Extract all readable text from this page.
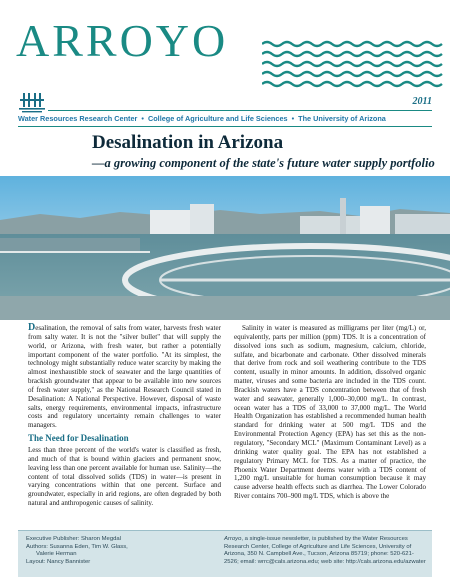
ARROYO
2011
Water Resources Research Center • College of Agriculture and Life Sciences • The University of Arizona
Desalination in Arizona
—a growing component of the state's future water supply portfolio

Desalination, the removal of salts from water, harvests fresh water from salty water. It is not the "silver bullet" that will supply the world, or Arizona, with fresh water, but rather a potentially important component of the water portfolio. "At its simplest, the technology might substantially reduce water scarcity by making the almost inexhaustible stock of seawater and the large quantities of brackish groundwater that appear to be available into new sources of fresh water supply," as the National Research Council stated in Desalination: A National Perspective. However, disposal of waste salts, energy requirements, environmental impacts, infrastructure costs and regulatory uncertainty remain challenges to water managers.

The Need for Desalination

Less than three percent of the world's water is classified as fresh, and much of that is bound within glaciers and permanent snow, leaving less than one percent available for human use. Salinity—the content of total dissolved solids (TDS) in water—is present in varying concentrations within that one percent. Surface and groundwater, especially in arid regions, are often degraded by both natural and anthropogenic causes of salinity.

Salinity in water is measured as milligrams per liter (mg/L) or, equivalently, parts per million (ppm) TDS. It is a concentration of dissolved ions such as sodium, magnesium, calcium, chloride, sulfate, and bicarbonate and carbonate. Other dissolved minerals that derive from rock and soil weathering contribute to the TDS content, usually in minor amounts. In addition, dissolved organic matter, viruses and some bacteria are included in the TDS count. Brackish waters have a TDS concentration between that of fresh water and seawater, generally 1,000–30,000 mg/L. In contrast, ocean water has a TDS of 33,000 to 37,000 mg/L. The World Health Organization has established a recommended human health standard for drinking water at 500 mg/L TDS and the Environmental Protection Agency (EPA) has set this as the non-regulatory, "Secondary MCL" (Maximum Contaminant Level) as a drinking water quality goal. The EPA has not established a regulatory Primary MCL for TDS. As a matter of practice, the Phoenix Water Department deems water with a TDS content of 1,200 mg/L unsuitable for human consumption because it may cause adverse health effects such as diarrhea. The Lower Colorado River contains 700–900 mg/L TDS, which is above the

Executive Publisher: Sharon Megdal
Authors: Susanna Eden, Tim W. Glass,
Valerie Herman
Layout: Nancy Bannister
Arroyo, a single-issue newsletter, is published by the Water Resources Research Center, College of Agriculture and Life Sciences, University of Arizona, 350 N. Campbell Ave., Tucson, Arizona 85719; phone: 520-621-2526; email: wrrc@cals.arizona.edu; web site: http://cals.arizona.edu/azwater
